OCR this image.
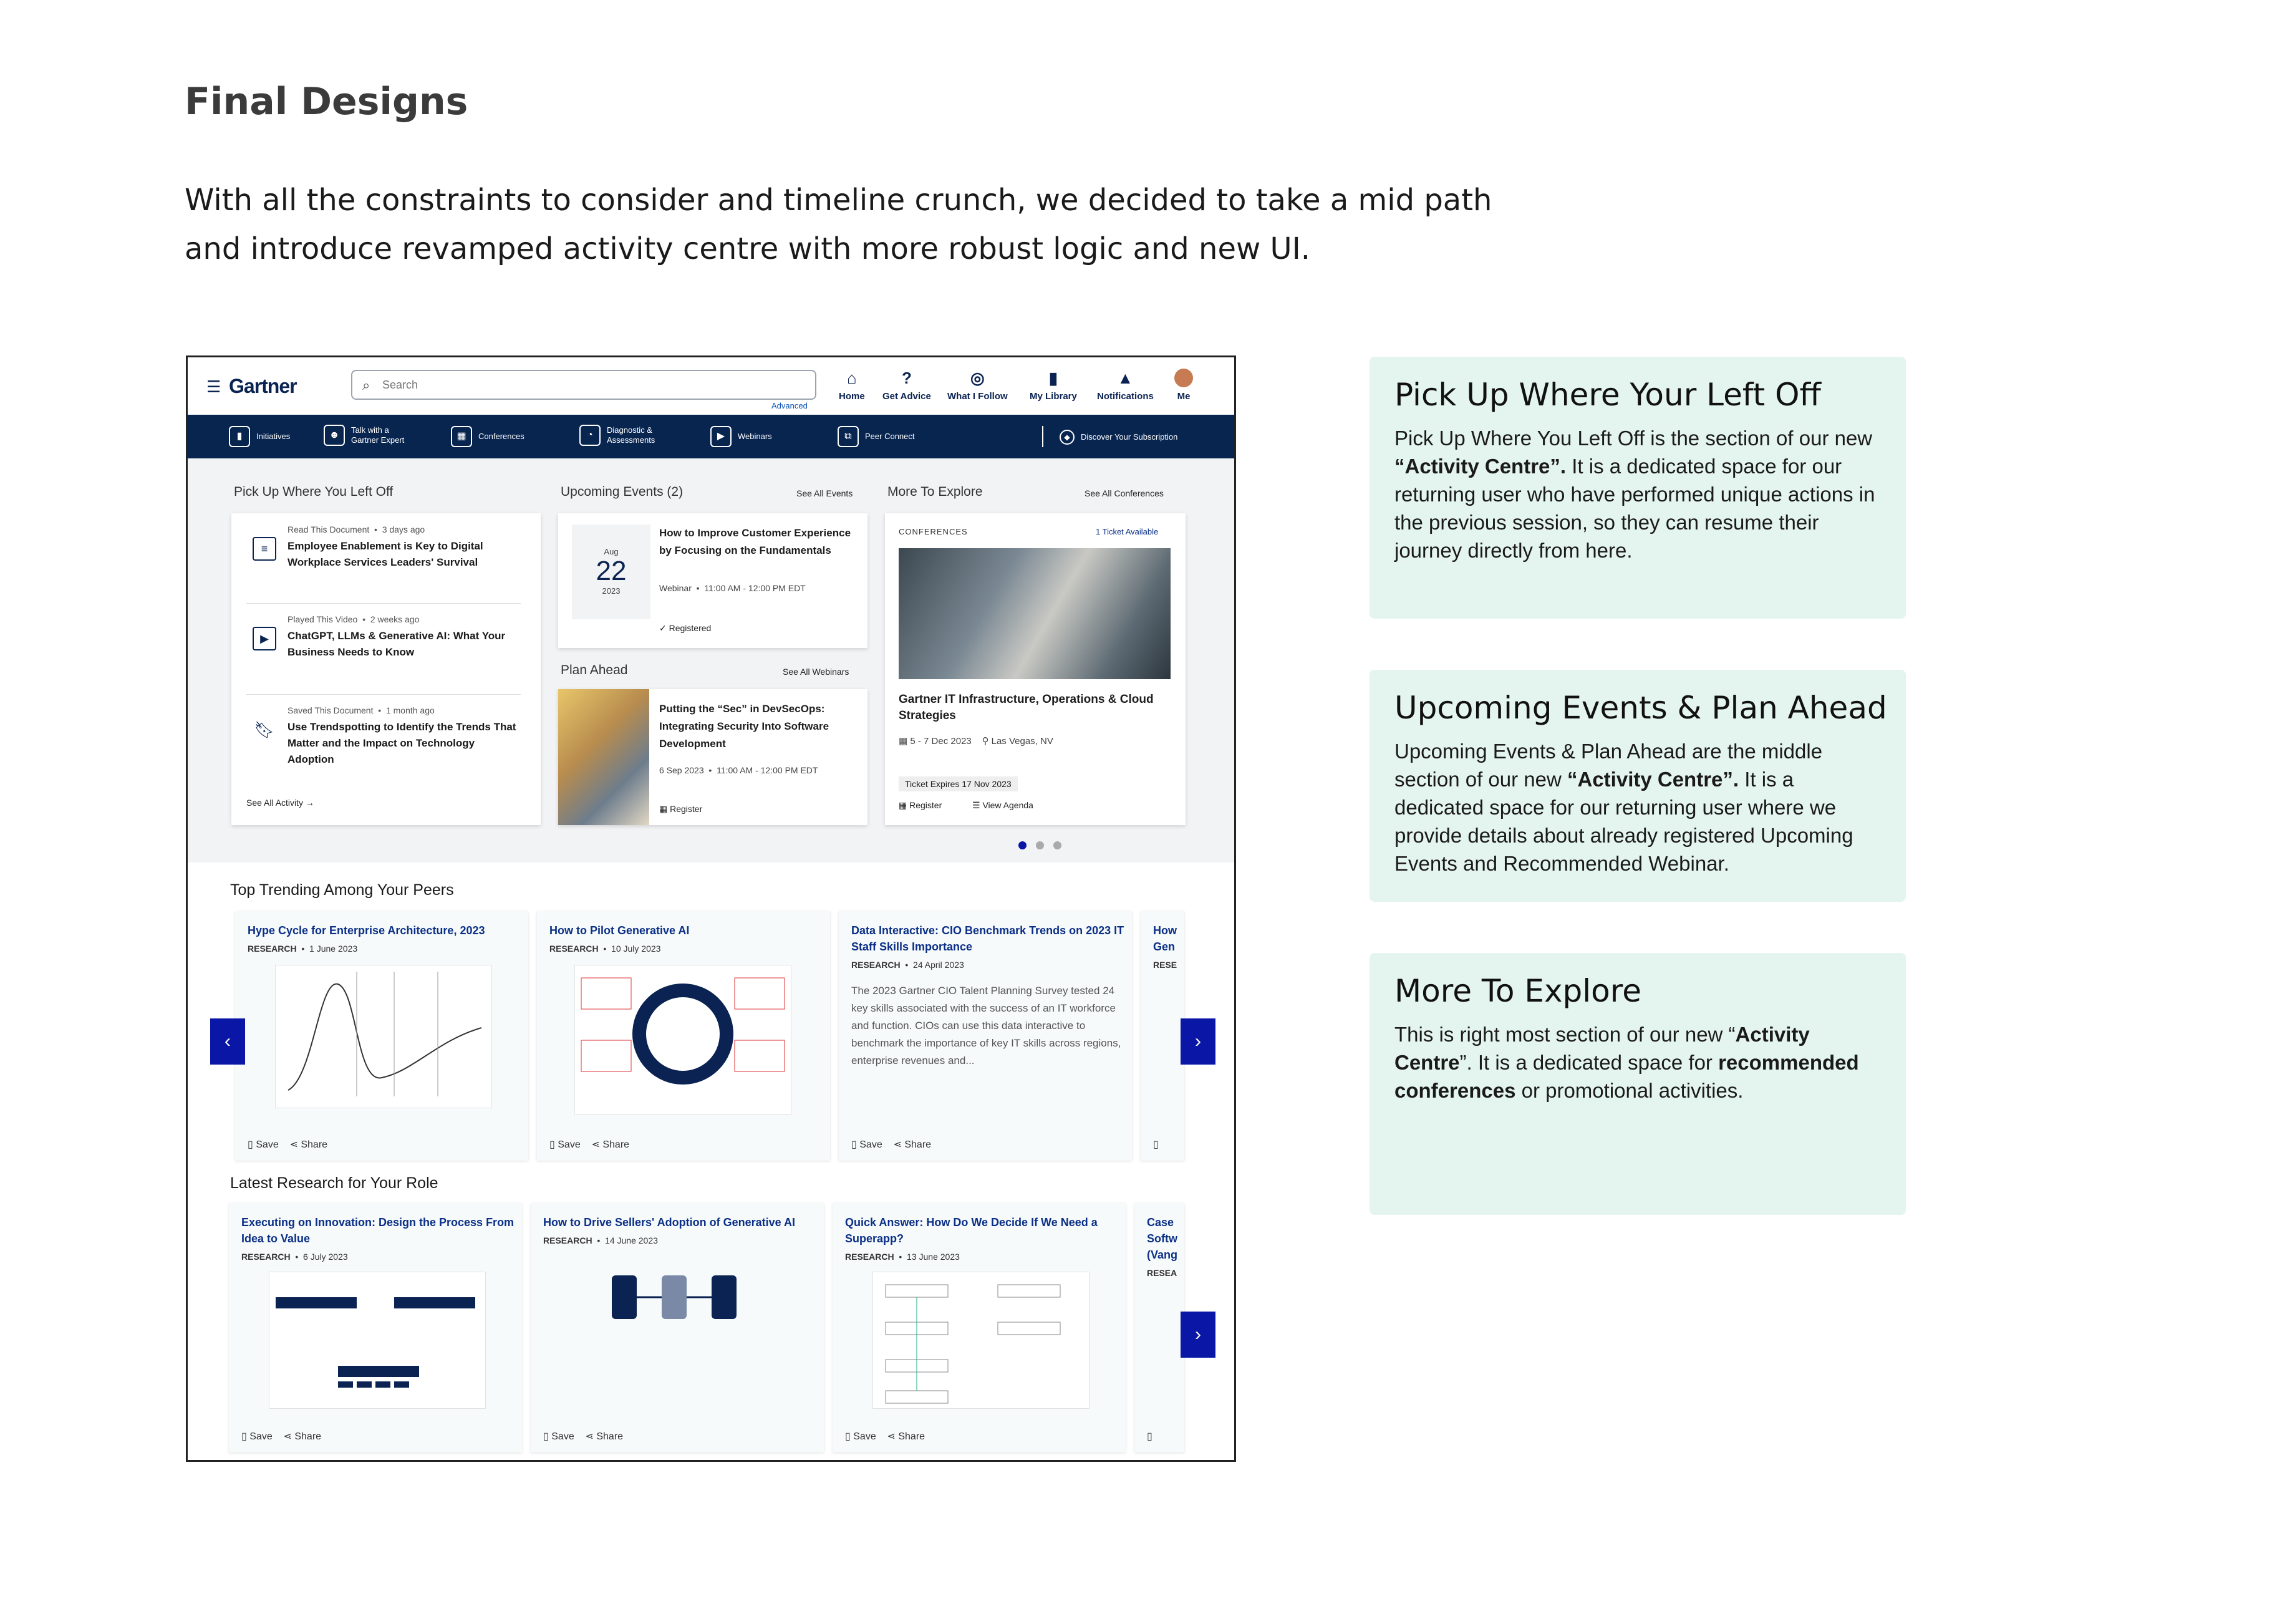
Final Designs
With all the constraints to consider and timeline crunch, we decided to take a mid path
and introduce revamped activity centre with more robust logic and new UI.
☰ Gartner	⌕
Search
Advanced
⌂
Home
?
Get Advice
◎
What I Follow
▮
My Library
▲
Notifications	Me
▮	Initiatives	☻	Talk with a
Gartner Expert	▦	Conferences	◔	Diagnostic &
Assessments	▶	Webinars	⧉	Peer Connect	◆	Discover Your Subscription
Pick Up Where You Left Off
≡
Read This Document  •  3 days ago
Employee Enablement is Key to Digital Workplace Services Leaders' Survival
▶
Played This Video  •  2 weeks ago
ChatGPT, LLMs & Generative AI: What Your Business Needs to Know
🔖︎
Saved This Document  •  1 month ago
Use Trendspotting to Identify the Trends That Matter and the Impact on Technology Adoption
See All Activity →
Upcoming Events (2)	See All Events
Aug
22
2023
How to Improve Customer Experience by Focusing on the Fundamentals
Webinar  •  11:00 AM - 12:00 PM EDT
✓ Registered
Plan Ahead	See All Webinars
Putting the “Sec” in DevSecOps: Integrating Security Into Software Development
6 Sep 2023  •  11:00 AM - 12:00 PM EDT
▦ Register
More To Explore	See All Conferences
CONFERENCES	1 Ticket Available
Gartner IT Infrastructure, Operations & Cloud Strategies
▦ 5 - 7 Dec 2023 ⚲ Las Vegas, NV
Ticket Expires 17 Nov 2023
▦ Register	☰ View Agenda
Top Trending Among Your Peers
Hype Cycle for Enterprise Architecture, 2023
RESEARCH  •  1 June 2023
▯ Save ⋖ Share
How to Pilot Generative AI
RESEARCH  •  10 July 2023
▯ Save ⋖ Share
Data Interactive: CIO Benchmark Trends on 2023 IT Staff Skills Importance
RESEARCH  •  24 April 2023
The 2023 Gartner CIO Talent Planning Survey tested 24 key skills associated with the success of an IT workforce and function. CIOs can use this data interactive to benchmark the importance of key IT skills across regions, enterprise revenues and...
▯ Save ⋖ Share
How Gen
RESE
▯
‹	›
Latest Research for Your Role
Executing on Innovation: Design the Process From Idea to Value
RESEARCH  •  6 July 2023
▯ Save ⋖ Share
How to Drive Sellers' Adoption of Generative AI
RESEARCH  •  14 June 2023
▯ Save ⋖ Share
Quick Answer: How Do We Decide If We Need a Superapp?
RESEARCH  •  13 June 2023
▯ Save ⋖ Share
Case Softw (Vang
RESEA
▯
›
Pick Up Where Your Left Off

Pick Up Where You Left Off is the section of our new “Activity Centre”. It is a dedicated space for our returning user who have performed unique actions in the previous session, so they can resume their journey directly from here.

Upcoming Events & Plan Ahead

Upcoming Events & Plan Ahead are the middle section of our new “Activity Centre”. It is a dedicated space for our returning user where we provide details about already registered Upcoming Events and Recommended Webinar.

More To Explore

This is right most section of our new “Activity Centre”. It is a dedicated space for recommended conferences or promotional activities.
